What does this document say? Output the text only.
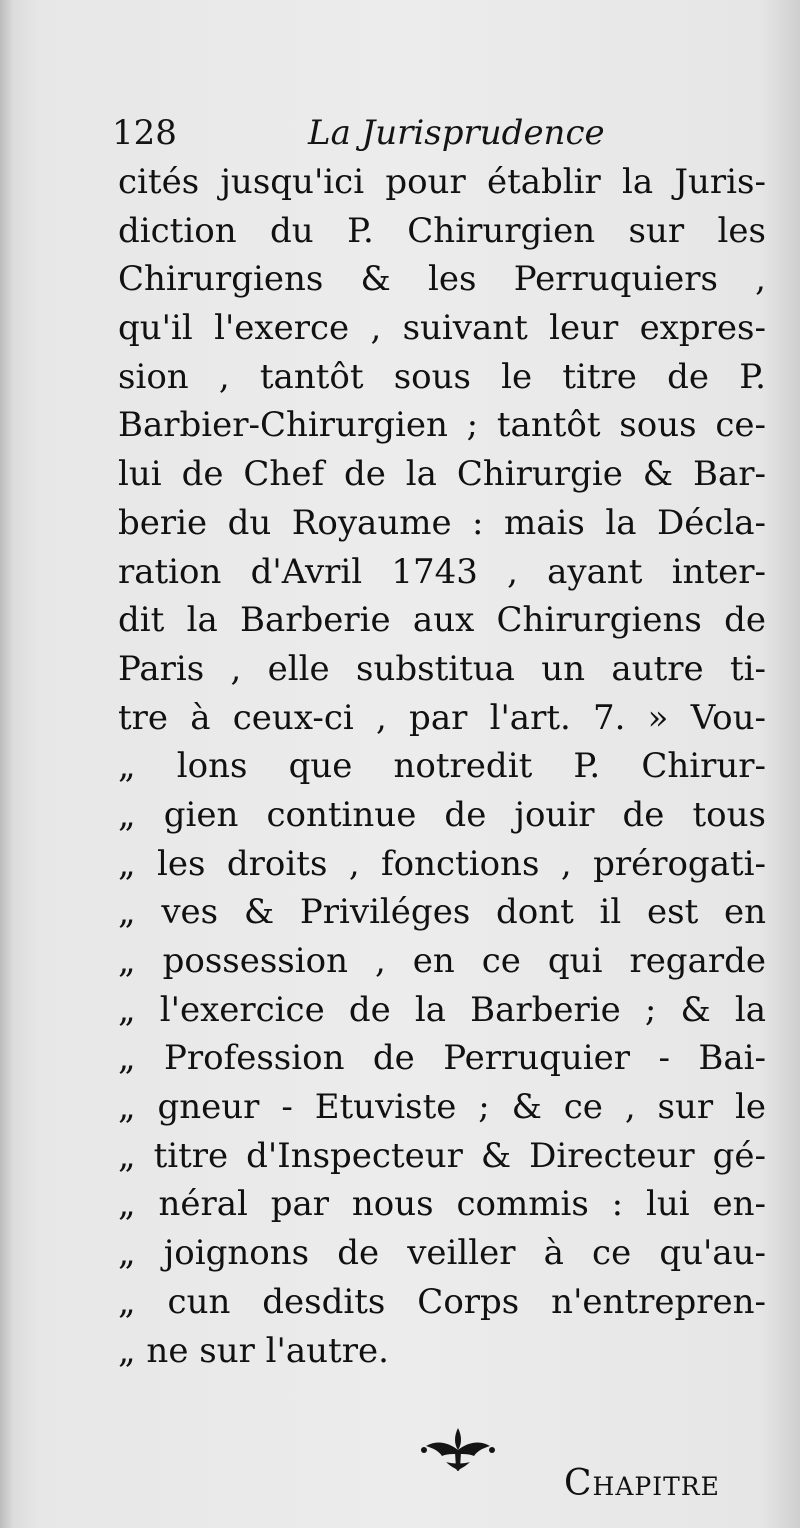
128	La Jurisprudence
cités jusqu'ici pour établir la Juris-
diction du P. Chirurgien sur les
Chirurgiens & les Perruquiers ,
qu'il l'exerce , suivant leur expres-
sion , tantôt sous le titre de P.
Barbier-Chirurgien ; tantôt sous ce-
lui de Chef de la Chirurgie & Bar-
berie du Royaume : mais la Décla-
ration d'Avril 1743 , ayant inter-
dit la Barberie aux Chirurgiens de
Paris , elle substitua un autre ti-
tre à ceux-ci , par l'art. 7. » Vou-
„ lons que notredit P. Chirur-
„ gien continue de jouir de tous
„ les droits , fonctions , prérogati-
„ ves & Priviléges dont il est en
„ possession , en ce qui regarde
„ l'exercice de la Barberie ; & la
„ Profession de Perruquier - Bai-
„ gneur - Etuviste ; & ce , sur le
„ titre d'Inspecteur & Directeur gé-
„ néral par nous commis : lui en-
„ joignons de veiller à ce qu'au-
„ cun desdits Corps n'entrepren-
„ ne sur l'autre.
Chapitre
